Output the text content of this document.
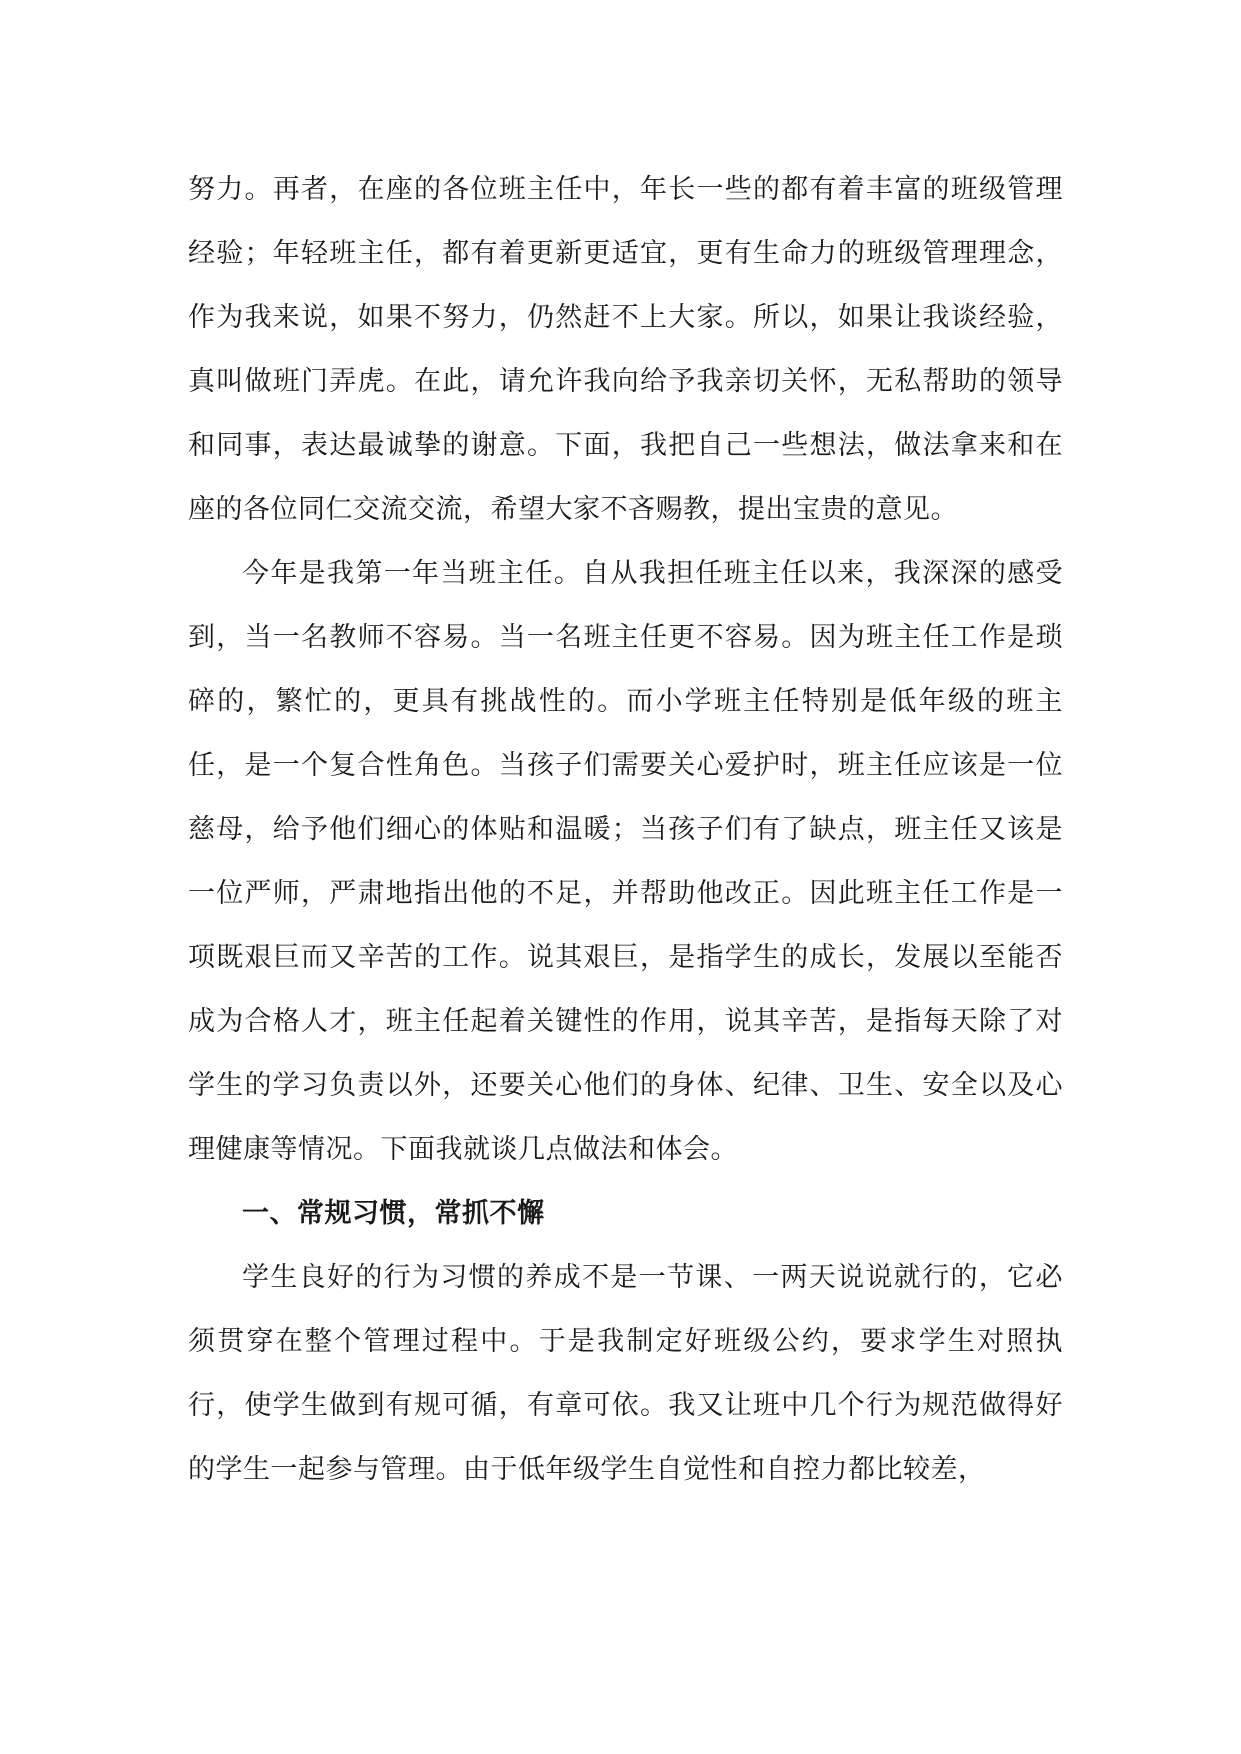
努力。再者，在座的各位班主任中，年长一些的都有着丰富的班级管理经验；年轻班主任，都有着更新更适宜，更有生命力的班级管理理念，作为我来说，如果不努力，仍然赶不上大家。所以，如果让我谈经验，真叫做班门弄虎。在此，请允许我向给予我亲切关怀，无私帮助的领导和同事，表达最诚挚的谢意。下面，我把自己一些想法，做法拿来和在座的各位同仁交流交流，希望大家不吝赐教，提出宝贵的意见。

今年是我第一年当班主任。自从我担任班主任以来，我深深的感受到，当一名教师不容易。当一名班主任更不容易。因为班主任工作是琐碎的，繁忙的，更具有挑战性的。而小学班主任特别是低年级的班主任，是一个复合性角色。当孩子们需要关心爱护时，班主任应该是一位慈母，给予他们细心的体贴和温暖；当孩子们有了缺点，班主任又该是一位严师，严肃地指出他的不足，并帮助他改正。因此班主任工作是一项既艰巨而又辛苦的工作。说其艰巨，是指学生的成长，发展以至能否成为合格人才，班主任起着关键性的作用，说其辛苦，是指每天除了对学生的学习负责以外，还要关心他们的身体、纪律、卫生、安全以及心理健康等情况。下面我就谈几点做法和体会。

一、常规习惯，常抓不懈

学生良好的行为习惯的养成不是一节课、一两天说说就行的，它必须贯穿在整个管理过程中。于是我制定好班级公约，要求学生对照执行，使学生做到有规可循，有章可依。我又让班中几个行为规范做得好的学生一起参与管理。由于低年级学生自觉性和自控力都比较差，
